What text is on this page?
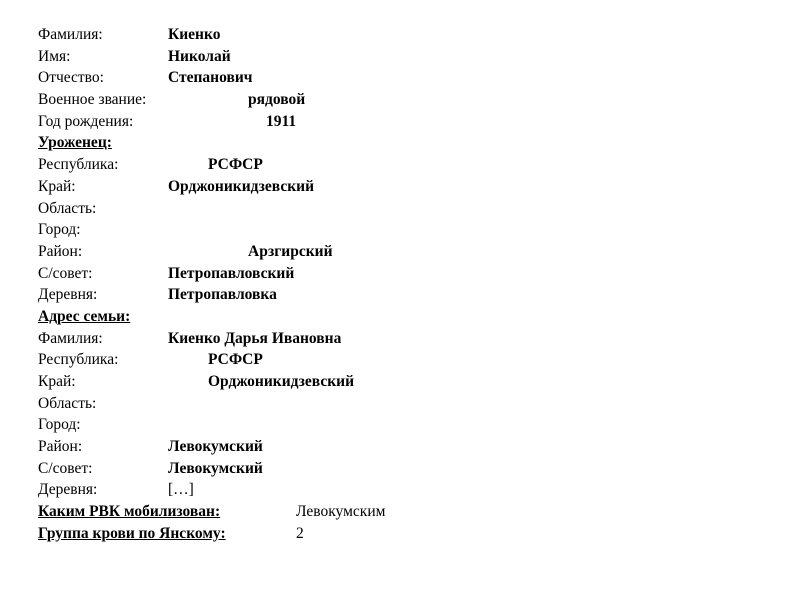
Фамилия:	Киенко
Имя:	Николай
Отчество:	Степанович
Военное звание:	рядовой
Год рождения:	1911
Уроженец:
Республика:	РСФСР
Край:	Орджоникидзевский
Область:
Город:
Район:	Арзгирский
С/совет:	Петропавловский
Деревня:	Петропавловка
Адрес семьи:
Фамилия:	Киенко Дарья Ивановна
Республика:	РСФСР
Край:	Орджоникидзевский
Область:
Город:
Район:	Левокумский
С/совет:	Левокумский
Деревня:	[…]
Каким РВК мобилизован:	Левокумским
Группа крови по Янскому:	2
